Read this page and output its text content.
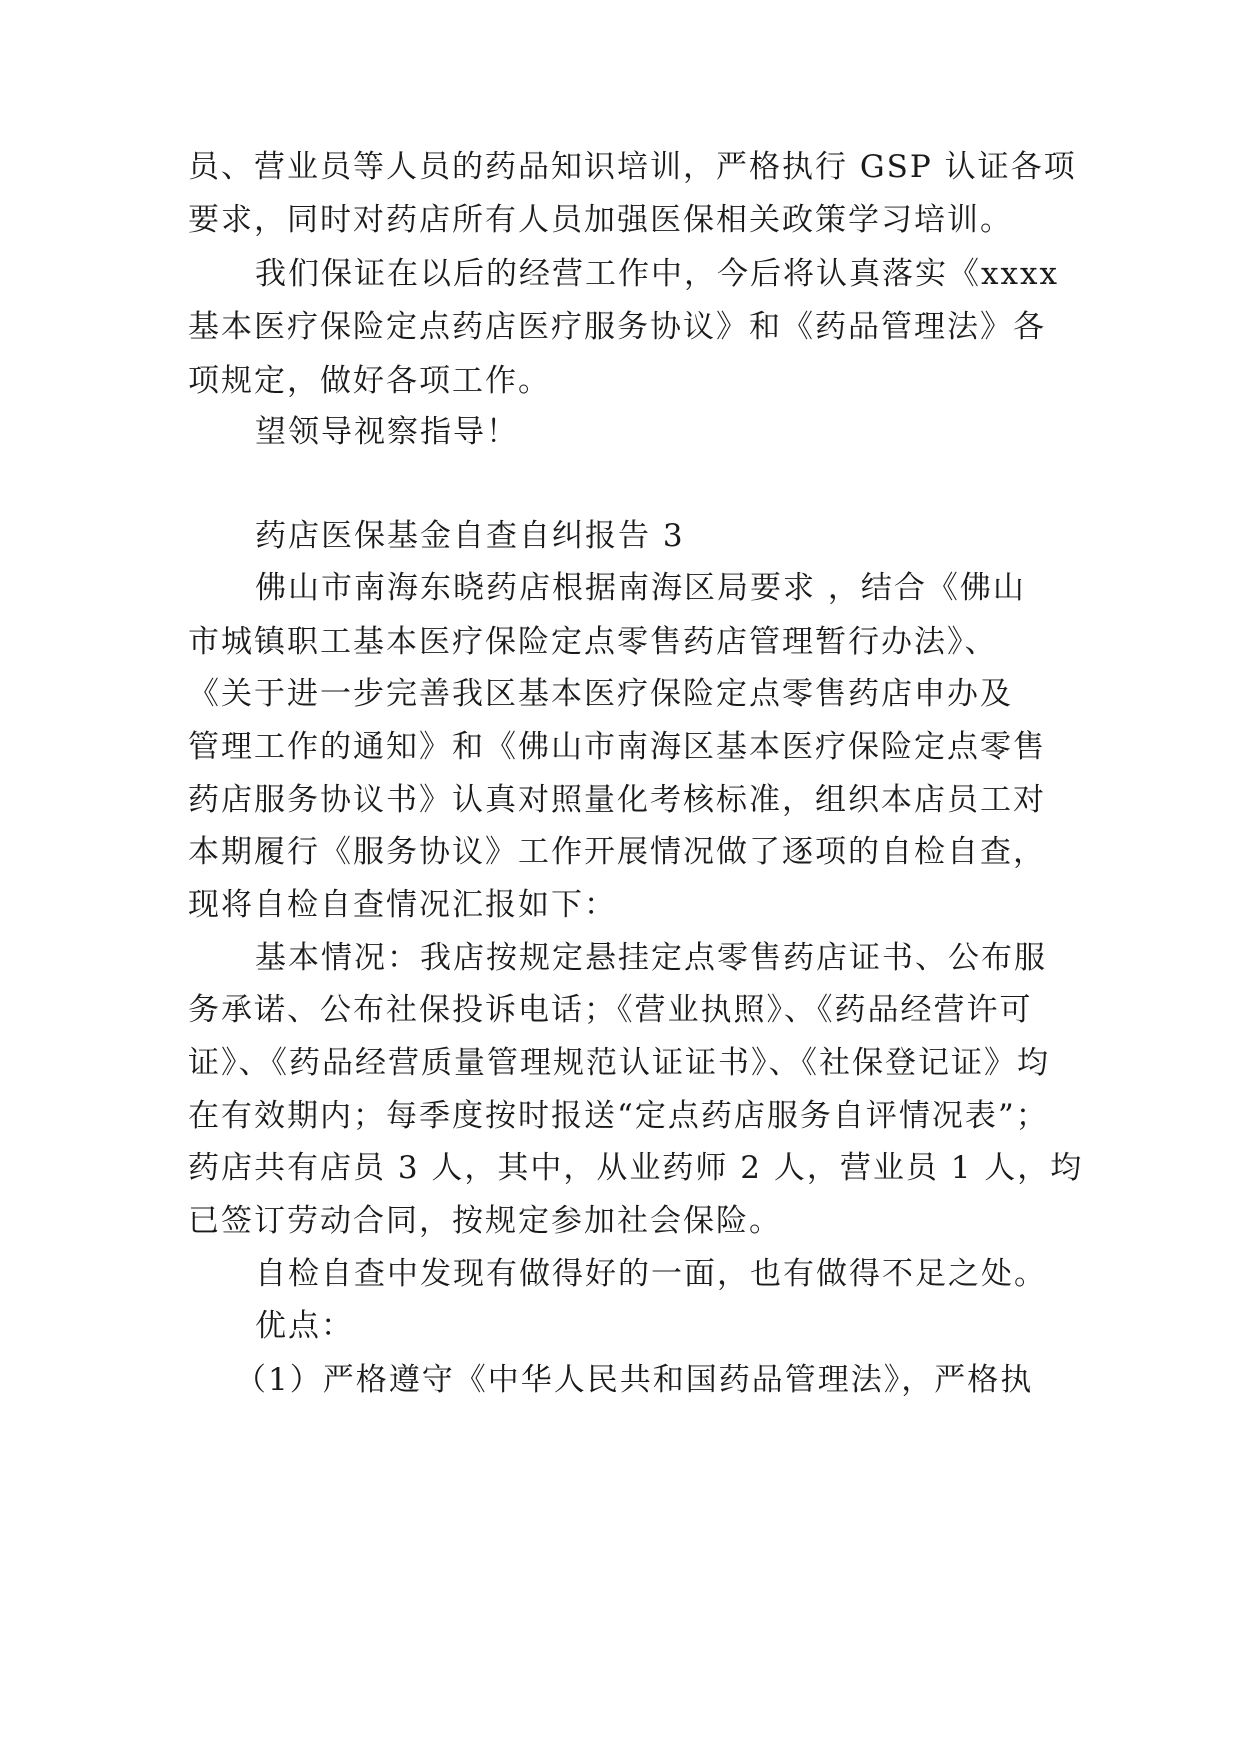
员、营业员等人员的药品知识培训，严格执行 GSP 认证各项
要求，同时对药店所有人员加强医保相关政策学习培训。
我们保证在以后的经营工作中，今后将认真落实《xxxx
基本医疗保险定点药店医疗服务协议》和《药品管理法》各
项规定，做好各项工作。
望领导视察指导！
药店医保基金自查自纠报告 3
佛山市南海东晓药店根据南海区局要求 ，结合《佛山
市城镇职工基本医疗保险定点零售药店管理暂行办法》、
《关于进一步完善我区基本医疗保险定点零售药店申办及
管理工作的通知》和《佛山市南海区基本医疗保险定点零售
药店服务协议书》认真对照量化考核标准，组织本店员工对
本期履行《服务协议》工作开展情况做了逐项的自检自查，
现将自检自查情况汇报如下：
基本情况：我店按规定悬挂定点零售药店证书、公布服
务承诺、公布社保投诉电话；《营业执照》、《药品经营许可
证》、《药品经营质量管理规范认证证书》、《社保登记证》均
在有效期内；每季度按时报送“定点药店服务自评情况表”；
药店共有店员 3 人，其中，从业药师 2 人，营业员 1 人，均
已签订劳动合同，按规定参加社会保险。
自检自查中发现有做得好的一面，也有做得不足之处。
优点：
（1）严格遵守《中华人民共和国药品管理法》，严格执
